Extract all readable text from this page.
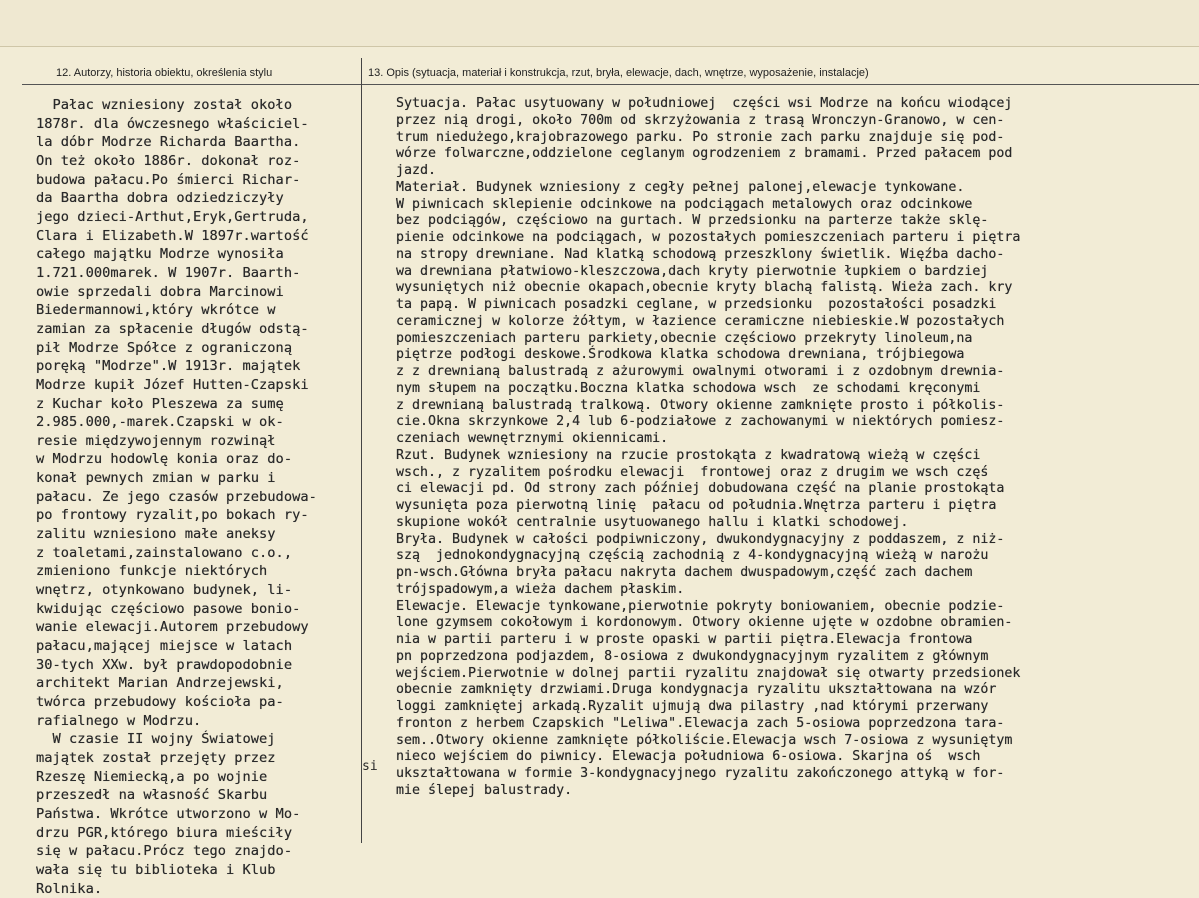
12. Autorzy, historia obiektu, określenia stylu	13. Opis (sytuacja, materiał i konstrukcja, rzut, bryła, elewacje, dach, wnętrze, wyposażenie, instalacje)
Pałac wzniesiony został około
1878r. dla ówczesnego właściciel-
la dóbr Modrze Richarda Baartha.
On też około 1886r. dokonał roz-
budowa pałacu.Po śmierci Richar-
da Baartha dobra odziedziczyły
jego dzieci-Arthut,Eryk,Gertruda,
Clara i Elizabeth.W 1897r.wartość
całego majątku Modrze wynosiła
1.721.000marek. W 1907r. Baarth-
owie sprzedali dobra Marcinowi
Biedermannowi,który wkrótce w
zamian za spłacenie długów odstą-
pił Modrze Spółce z ograniczoną
poręką "Modrze".W 1913r. majątek
Modrze kupił Józef Hutten-Czapski
z Kuchar koło Pleszewa za sumę
2.985.000,-marek.Czapski w ok-
resie międzywojennym rozwinął
w Modrzu hodowlę konia oraz do-
konał pewnych zmian w parku i
pałacu. Ze jego czasów przebudowa-
po frontowy ryzalit,po bokach ry-
zalitu wzniesiono małe aneksy
z toaletami,zainstalowano c.o.,
zmieniono funkcje niektórych
wnętrz, otynkowano budynek, li-
kwidując częściowo pasowe bonio-
wanie elewacji.Autorem przebudowy
pałacu,mającej miejsce w latach
30-tych XXw. był prawdopodobnie
architekt Marian Andrzejewski,
twórca przebudowy kościoła pa-
rafialnego w Modrzu.
W czasie II wojny Światowej
majątek został przejęty przez
Rzeszę Niemiecką,a po wojnie
przeszedł na własność Skarbu
Państwa. Wkrótce utworzono w Mo-
drzu PGR,którego biura mieściły
się w pałacu.Prócz tego znajdo-
wała się tu biblioteka i Klub
Rolnika.
si
Sytuacja. Pałac usytuowany w południowej  części wsi Modrze na końcu wiodącej
przez nią drogi, około 700m od skrzyżowania z trasą Wronczyn-Granowo, w cen-
trum niedużego,krajobrazowego parku. Po stronie zach parku znajduje się pod-
wórze folwarczne,oddzielone ceglanym ogrodzeniem z bramami. Przed pałacem pod
jazd.
Materiał. Budynek wzniesiony z cegły pełnej palonej,elewacje tynkowane.
W piwnicach sklepienie odcinkowe na podciągach metalowych oraz odcinkowe
bez podciągów, częściowo na gurtach. W przedsionku na parterze także sklę-
pienie odcinkowe na podciągach, w pozostałych pomieszczeniach parteru i piętra
na stropy drewniane. Nad klatką schodową przeszklony świetlik. Więźba dacho-
wa drewniana płatwiowo-kleszczowa,dach kryty pierwotnie łupkiem o bardziej
wysuniętych niż obecnie okapach,obecnie kryty blachą falistą. Wieża zach. kry
ta papą. W piwnicach posadzki ceglane, w przedsionku  pozostałości posadzki
ceramicznej w kolorze żółtym, w łazience ceramiczne niebieskie.W pozostałych
pomieszczeniach parteru parkiety,obecnie częściowo przekryty linoleum,na
piętrze podłogi deskowe.Środkowa klatka schodowa drewniana, trójbiegowa
z z drewnianą balustradą z ażurowymi owalnymi otworami i z ozdobnym drewnia-
nym słupem na początku.Boczna klatka schodowa wsch  ze schodami kręconymi
z drewnianą balustradą tralkową. Otwory okienne zamknięte prosto i półkolis-
cie.Okna skrzynkowe 2,4 lub 6-podziałowe z zachowanymi w niektórych pomiesz-
czeniach wewnętrznymi okiennicami.
Rzut. Budynek wzniesiony na rzucie prostokąta z kwadratową wieżą w części
wsch., z ryzalitem pośrodku elewacji  frontowej oraz z drugim we wsch częś
ci elewacji pd. Od strony zach później dobudowana część na planie prostokąta
wysunięta poza pierwotną linię  pałacu od południa.Wnętrza parteru i piętra
skupione wokół centralnie usytuowanego hallu i klatki schodowej.
Bryła. Budynek w całości podpiwniczony, dwukondygnacyjny z poddaszem, z niż-
szą  jednokondygnacyjną częścią zachodnią z 4-kondygnacyjną wieżą w narożu
pn-wsch.Główna bryła pałacu nakryta dachem dwuspadowym,część zach dachem
trójspadowym,a wieża dachem płaskim.
Elewacje. Elewacje tynkowane,pierwotnie pokryty boniowaniem, obecnie podzie-
lone gzymsem cokołowym i kordonowym. Otwory okienne ujęte w ozdobne obramien-
nia w partii parteru i w proste opaski w partii piętra.Elewacja frontowa
pn poprzedzona podjazdem, 8-osiowa z dwukondygnacyjnym ryzalitem z głównym
wejściem.Pierwotnie w dolnej partii ryzalitu znajdował się otwarty przedsionek
obecnie zamknięty drzwiami.Druga kondygnacja ryzalitu ukształtowana na wzór
loggi zamkniętej arkadą.Ryzalit ujmują dwa pilastry ,nad którymi przerwany
fronton z herbem Czapskich "Leliwa".Elewacja zach 5-osiowa poprzedzona tara-
sem..Otwory okienne zamknięte półkoliście.Elewacja wsch 7-osiowa z wysuniętym
nieco wejściem do piwnicy. Elewacja południowa 6-osiowa. Skarjna oś  wsch
ukształtowana w formie 3-kondygnacyjnego ryzalitu zakończonego attyką w for-
mie ślepej balustrady.
